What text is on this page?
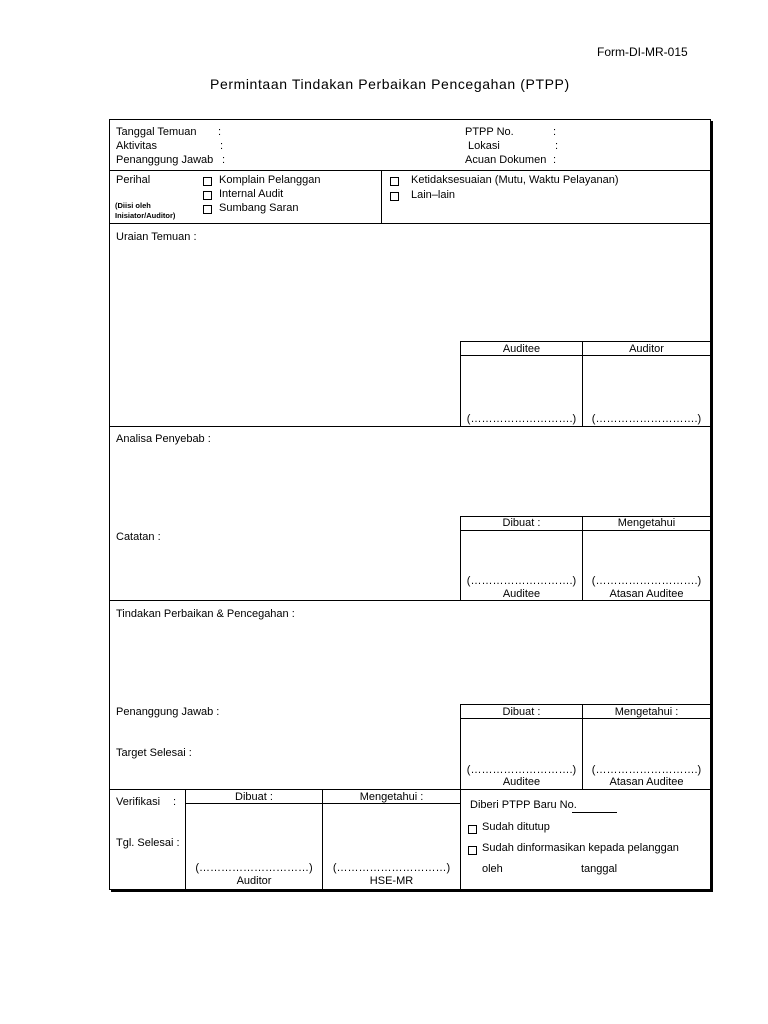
Form-DI-MR-015
Permintaan Tindakan Perbaikan Pencegahan (PTPP)
Tanggal Temuan :
Aktivitas	:
Penanggung Jawab :
PTPP No.	:
Lokasi	:
Acuan Dokumen :
Perihal
(Diisi oleh Inisiator/Auditor)
Komplain Pelanggan
Internal Audit
Sumbang Saran
Ketidaksesuaian (Mutu, Waktu Pelayanan)
Lain–lain
Uraian Temuan :
Auditee	Auditor
(……………………….)	(……………………….)
Analisa Penyebab :
Catatan :
Dibuat :	Mengetahui
(……………………….)	(……………………….)
Auditee	Atasan Auditee
Tindakan Perbaikan & Pencegahan :
Penanggung Jawab :
Target Selesai :
Dibuat :	Mengetahui :
(……………………….)	(……………………….)
Auditee	Atasan Auditee
Verifikasi :
Tgl. Selesai :
Dibuat :	Mengetahui :
(…………………………)	(…………………………)
Auditor	HSE-MR
Diberi PTPP Baru No.
Sudah ditutup
Sudah dinformasikan kepada pelanggan
oleh	tanggal
